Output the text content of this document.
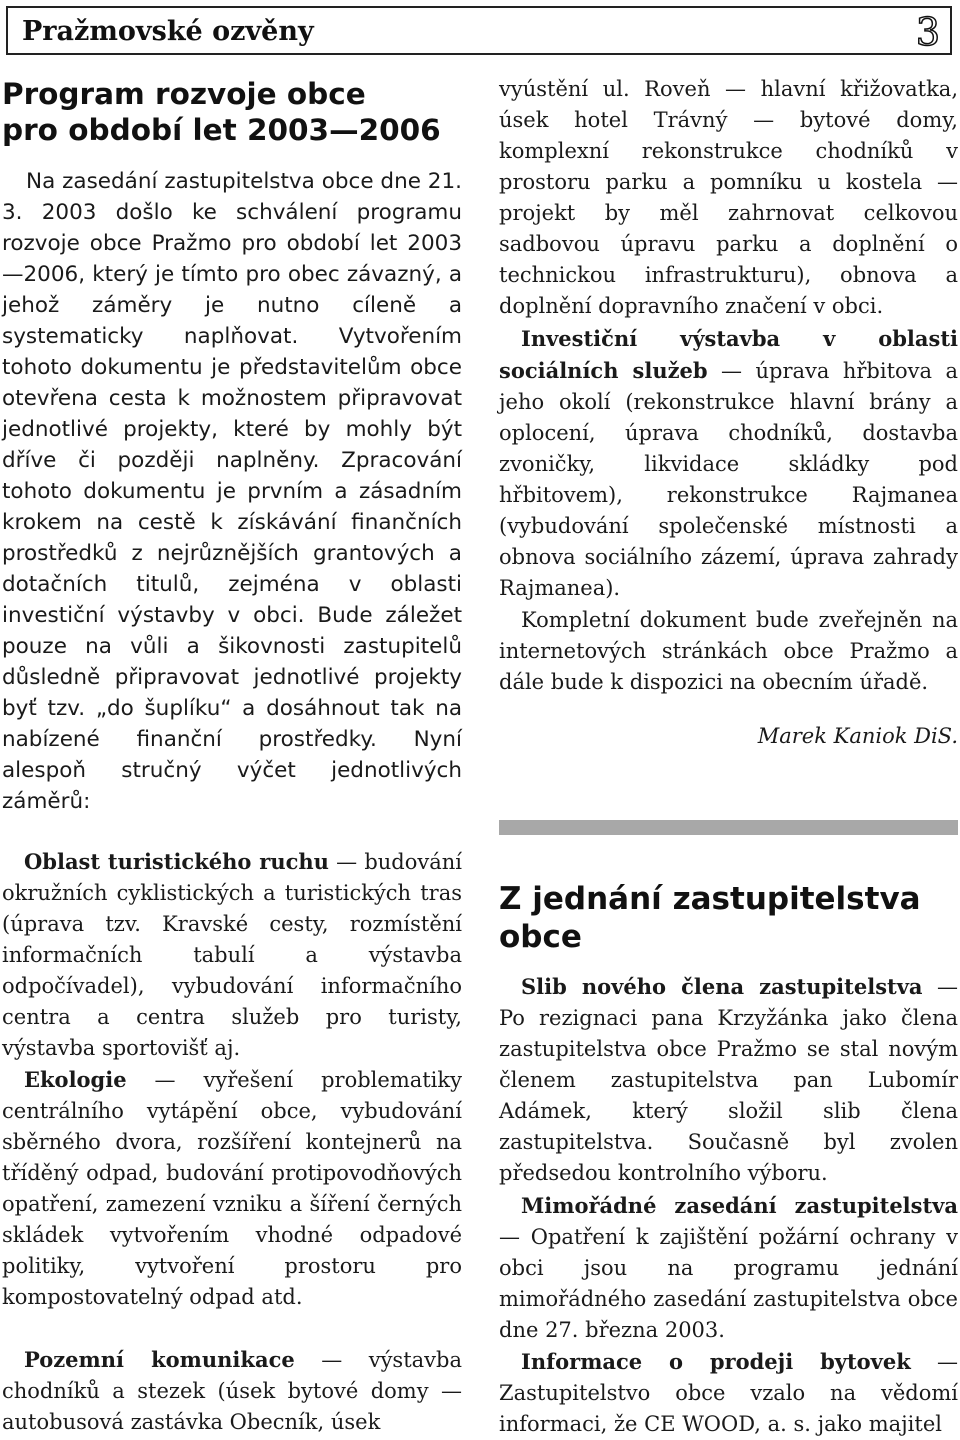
Pražmovské ozvěny	3
Program rozvoje obce
pro období let 2003—2006

Na zasedání zastupitelstva obce dne 21. 3. 2003 došlo ke schválení programu rozvoje obce Pražmo pro období let 2003—2006, který je tímto pro obec závazný, a jehož záměry je nutno cíleně a systematicky naplňovat. Vytvořením tohoto dokumentu je představitelům obce otevřena cesta k možnostem připravovat jednotlivé projekty, které by mohly být dříve či později naplněny. Zpracování tohoto dokumentu je prvním a zásadním krokem na cestě k získávání finančních prostředků z nejrůznějších grantových a dotačních titulů, zejména v oblasti investiční výstavby v obci. Bude záležet pouze na vůli a šikovnosti zastupitelů důsledně připravovat jednotlivé projekty byť tzv. „do šuplíku“ a dosáhnout tak na nabízené finanční prostředky. Nyní alespoň stručný výčet jednotlivých záměrů:

Oblast turistického ruchu — budování okružních cyklistických a turistických tras (úprava tzv. Kravské cesty, rozmístění informačních tabulí a výstavba odpočívadel), vybudování informačního centra a centra služeb pro turisty, výstavba sportovišť aj.

Ekologie — vyřešení problematiky centrálního vytápění obce, vybudování sběrného dvora, rozšíření kontejnerů na tříděný odpad, budování protipovodňových opatření, zamezení vzniku a šíření černých skládek vytvořením vhodné odpadové politiky, vytvoření prostoru pro kompostovatelný odpad atd.

Pozemní komunikace — výstavba chodníků a stezek (úsek bytové domy — autobusová zastávka Obecník, úsek

vyústění ul. Roveň — hlavní křižovatka, úsek hotel Trávný — bytové domy, komplexní rekonstrukce chodníků v prostoru parku a pomníku u kostela — projekt by měl zahrnovat celkovou sadbovou úpravu parku a doplnění o technickou infrastrukturu), obnova a doplnění dopravního značení v obci.

Investiční výstavba v oblasti sociálních služeb — úprava hřbitova a jeho okolí (rekonstrukce hlavní brány a oplocení, úprava chodníků, dostavba zvoničky, likvidace skládky pod hřbitovem), rekonstrukce Rajmanea (vybudování společenské místnosti a obnova sociálního zázemí, úprava zahrady Rajmanea).

Kompletní dokument bude zveřejněn na internetových stránkách obce Pražmo a dále bude k dispozici na obecním úřadě.

Marek Kaniok DiS.
Z jednání zastupitelstva
obce

Slib nového člena zastupitelstva — Po rezignaci pana Krzyžánka jako člena zastupitelstva obce Pražmo se stal novým členem zastupitelstva pan Lubomír Adámek, který složil slib člena zastupitelstva. Současně byl zvolen předsedou kontrolního výboru.

Mimořádné zasedání zastupitelstva — Opatření k zajištění požární ochrany v obci jsou na programu jednání mimořádného zasedání zastupitelstva obce dne 27. března 2003.

Informace o prodeji bytovek — Zastupitelstvo obce vzalo na vědomí informaci, že CE WOOD, a. s. jako majitel
